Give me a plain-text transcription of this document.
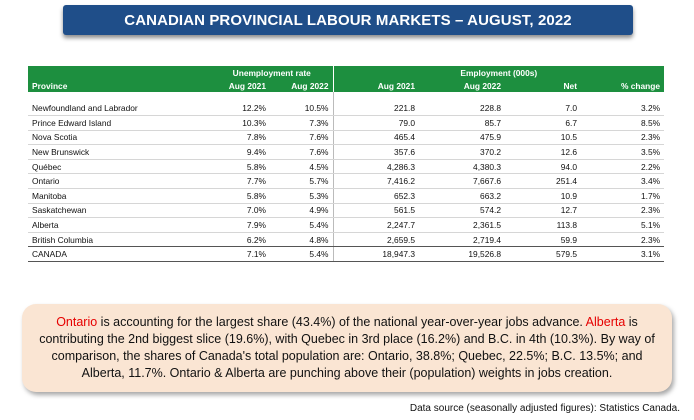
CANADIAN PROVINCIAL LABOUR MARKETS – AUGUST, 2022
	Unemployment rate		Employment (000s)			
Province	Aug 2021	Aug 2022	Aug 2021	Aug 2022	Net	% change

Newfoundland and Labrador	12.2%	10.5%	221.8	228.8	7.0	3.2%
Prince Edward Island	10.3%	7.3%	79.0	85.7	6.7	8.5%
Nova Scotia	7.8%	7.6%	465.4	475.9	10.5	2.3%
New Brunswick	9.4%	7.6%	357.6	370.2	12.6	3.5%
Québec	5.8%	4.5%	4,286.3	4,380.3	94.0	2.2%
Ontario	7.7%	5.7%	7,416.2	7,667.6	251.4	3.4%
Manitoba	5.8%	5.3%	652.3	663.2	10.9	1.7%
Saskatchewan	7.0%	4.9%	561.5	574.2	12.7	2.3%
Alberta	7.9%	5.4%	2,247.7	2,361.5	113.8	5.1%
British Columbia	6.2%	4.8%	2,659.5	2,719.4	59.9	2.3%
CANADA	7.1%	5.4%	18,947.3	19,526.8	579.5	3.1%
Ontario is accounting for the largest share (43.4%) of the national year-over-year jobs advance. Alberta is contributing the 2nd biggest slice (19.6%), with Quebec in 3rd place (16.2%) and B.C. in 4th (10.3%). By way of comparison, the shares of Canada's total population are: Ontario, 38.8%; Quebec, 22.5%; B.C. 13.5%; and Alberta, 11.7%. Ontario & Alberta are punching above their (population) weights in jobs creation.
Data source (seasonally adjusted figures): Statistics Canada.
